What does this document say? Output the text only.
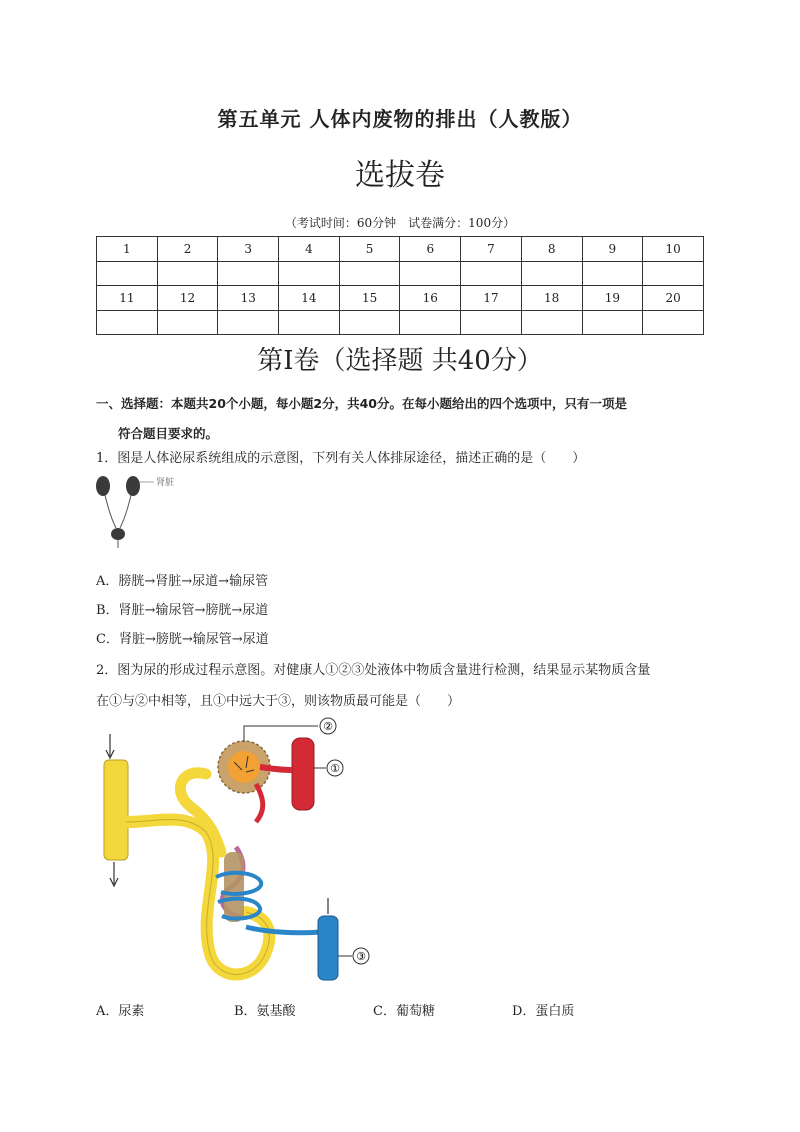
第五单元 人体内废物的排出（人教版）
选拔卷
（考试时间：60分钟　试卷满分：100分）
1	2	3	4	5	6	7	8	9	10

11	12	13	14	15	16	17	18	19	20

第Ⅰ卷（选择题 共40分）
一、选择题：本题共20个小题，每小题2分，共40分。在每小题给出的四个选项中，只有一项是
符合题目要求的。
1．图是人体泌尿系统组成的示意图，下列有关人体排尿途径，描述正确的是（　　）
肾脏
A．膀胱→肾脏→尿道→输尿管
B．肾脏→输尿管→膀胱→尿道
C．肾脏→膀胱→输尿管→尿道
2．图为尿的形成过程示意图。对健康人①②③处液体中物质含量进行检测，结果显示某物质含量
在①与②中相等，且①中远大于③，则该物质最可能是（　　）
②
①
③
A．尿素	B．氨基酸	C．葡萄糖	D．蛋白质
